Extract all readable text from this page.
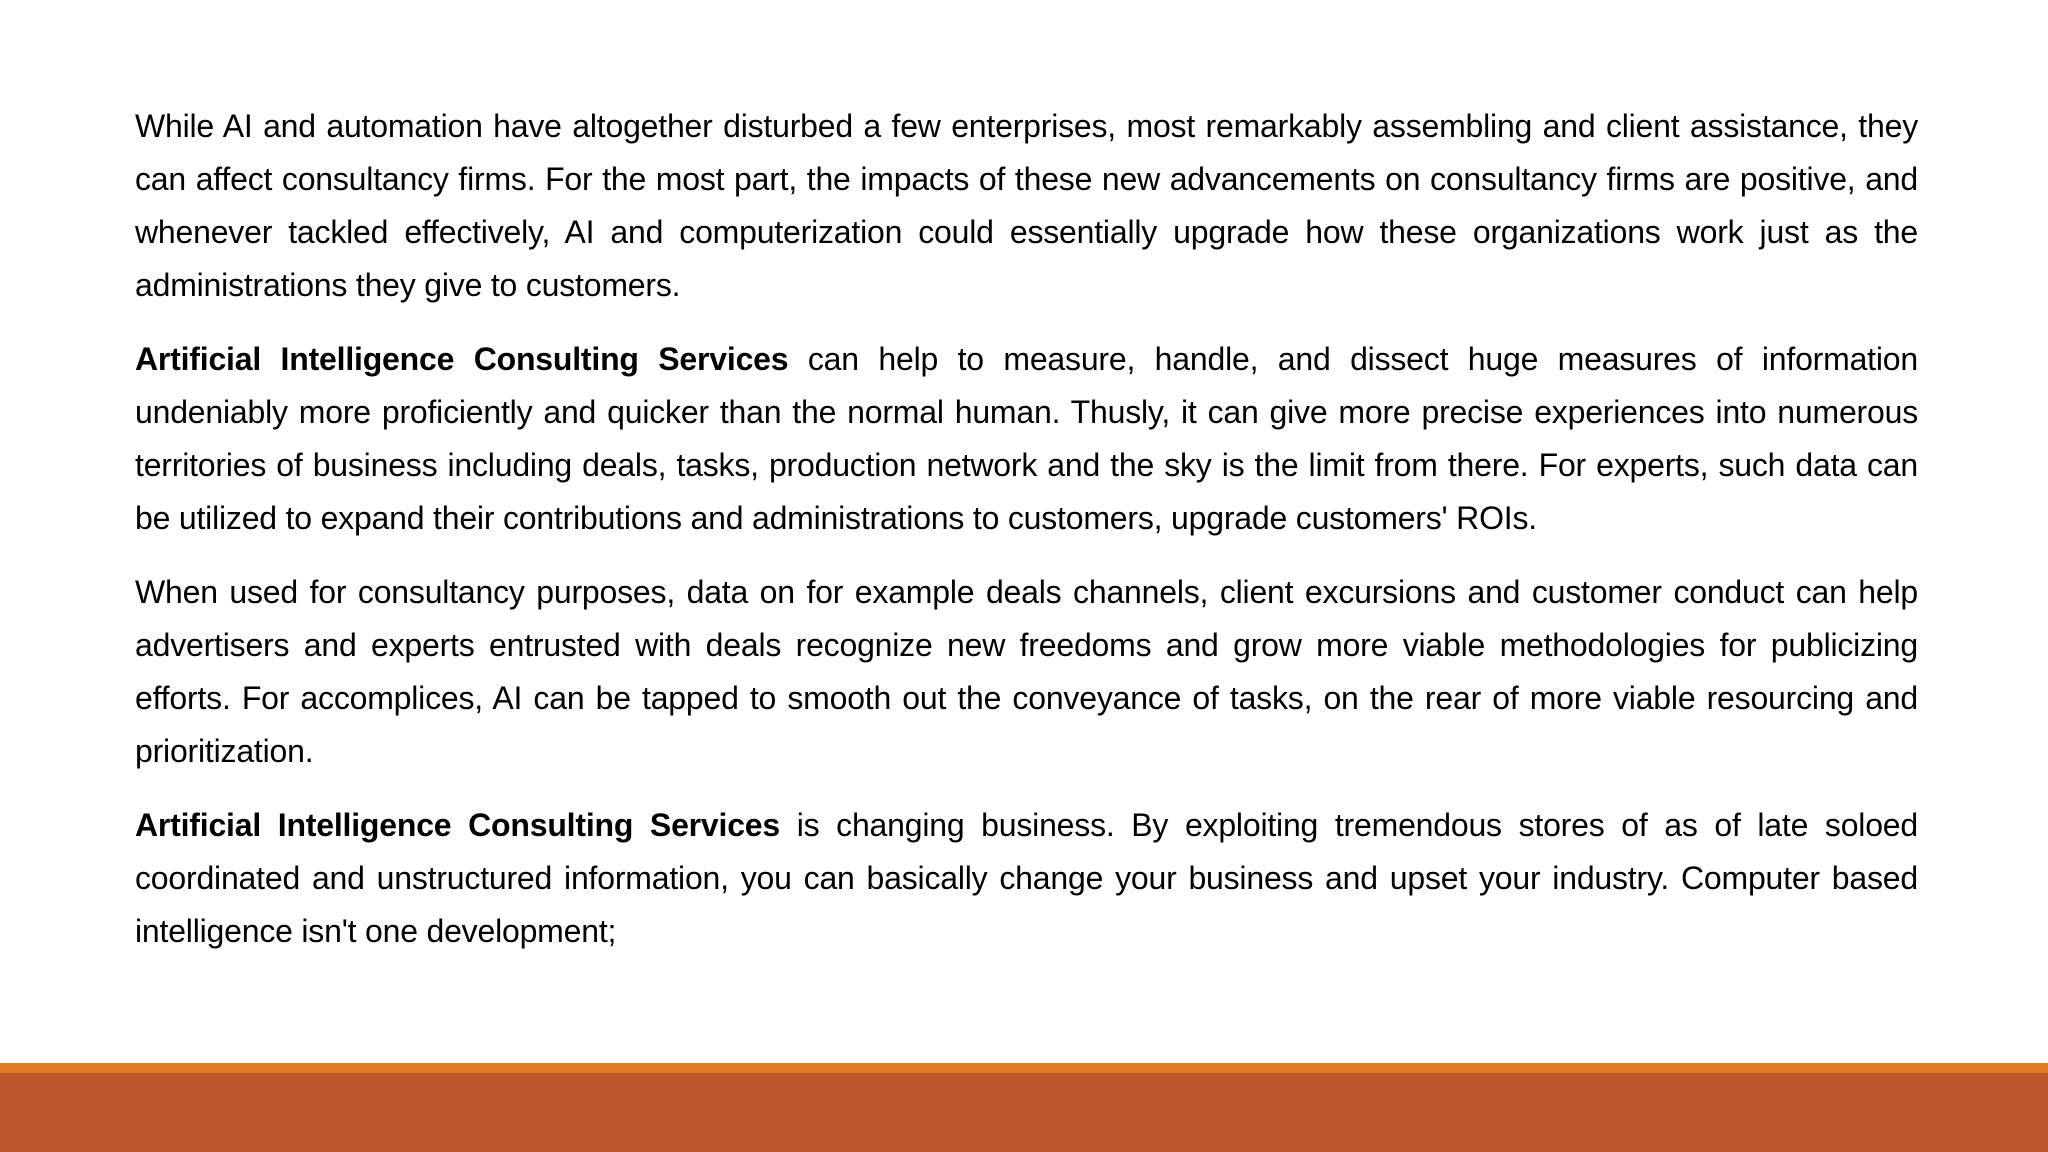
While AI and automation have altogether disturbed a few enterprises, most remarkably assembling and client assistance, they can affect consultancy firms. For the most part, the impacts of these new advancements on consultancy firms are positive, and whenever tackled effectively, AI and computerization could essentially upgrade how these organizations work just as the administrations they give to customers.

Artificial Intelligence Consulting Services can help to measure, handle, and dissect huge measures of information undeniably more proficiently and quicker than the normal human. Thusly, it can give more precise experiences into numerous territories of business including deals, tasks, production network and the sky is the limit from there. For experts, such data can be utilized to expand their contributions and administrations to customers, upgrade customers' ROIs.

When used for consultancy purposes, data on for example deals channels, client excursions and customer conduct can help advertisers and experts entrusted with deals recognize new freedoms and grow more viable methodologies for publicizing efforts. For accomplices, AI can be tapped to smooth out the conveyance of tasks, on the rear of more viable resourcing and prioritization.

Artificial Intelligence Consulting Services is changing business. By exploiting tremendous stores of as of late soloed coordinated and unstructured information, you can basically change your business and upset your industry. Computer based intelligence isn't one development;
